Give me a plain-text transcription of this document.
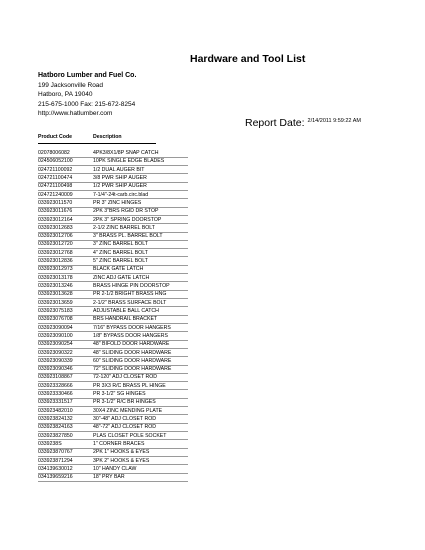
Hardware and Tool List
Hatboro Lumber and Fuel Co.
199 Jacksonville Road
Hatboro, PA 19040
215-675-1000 Fax: 215-672-8254
http://www.hatlumber.com
Report Date: $^{2/14/2011 9:59:22 AM}$
Product Code	Description
02078006082	4PK3/8X1/8P SNAP CATCH
024506052100	10PK SINGLE EDGE BLADES
024721100092	1/2 DUAL AUGER BIT
024721100474	3/8 PWR SHIP AUGER
024721100498	1/2 PWR SHIP AUGER
024721240009	7-1/4"-24t-carb.circ.blad
033923011570	PR 3" ZINC HINGES
033923011676	2PK 3"BRS RGID DR STOP
033923012164	2PK 3" SPRING DOORSTOP
033923012683	2-1/2 ZINC BARREL BOLT
033923012706	3" BRASS PL. BARREL BOLT
033923012720	3" ZINC BARREL BOLT
033923012768	4" ZINC BARREL BOLT
033923012836	5" ZINC BARREL BOLT
033923012973	BLACK GATE LATCH
033923013178	ZINC ADJ GATE LATCH
033923013246	BRASS HINGE PIN DOORSTOP
033923013628	PR 2-1/2 BRIGHT BRASS HNG
033923013659	2-1/2" BRASS SURFACE BOLT
033923075183	ADJUSTABLE BALL CATCH
033923076708	BRS HANDRAIL BRACKET
033923090094	7/16" BYPASS DOOR HANGERS
033923090100	1/8" BYPASS DOOR HANGERS
033923090254	48" BIFOLD DOOR HARDWARE
033923090322	48" SLIDING DOOR HARDWARE
033923090339	60" SLIDING DOOR HARDWARE
033923090346	72" SLIDING DOOR HARDWARE
033923108867	72-120" ADJ CLOSET ROD
033923328666	PR 3X3 R/C BRASS PL HINGE
033923330466	PR 3-1/2" SG HINGES
033923331517	PR 3-1/2" R/C BR HINGES
033923482010	30X4 ZINC MENDING PLATE
033923824132	30"-48" ADJ CLOSET ROD
033923824163	48"-72" ADJ CLOSET ROD
033923827850	PLAS CLOSET POLE SOCKET
0339238S	1" CORNER BRACES
033923870767	2PK 1" HOOKS & EYES
033923871294	3PK 2" HOOKS & EYES
034139630012	10" HANDY CLAW
034139659216	18" PRY BAR
